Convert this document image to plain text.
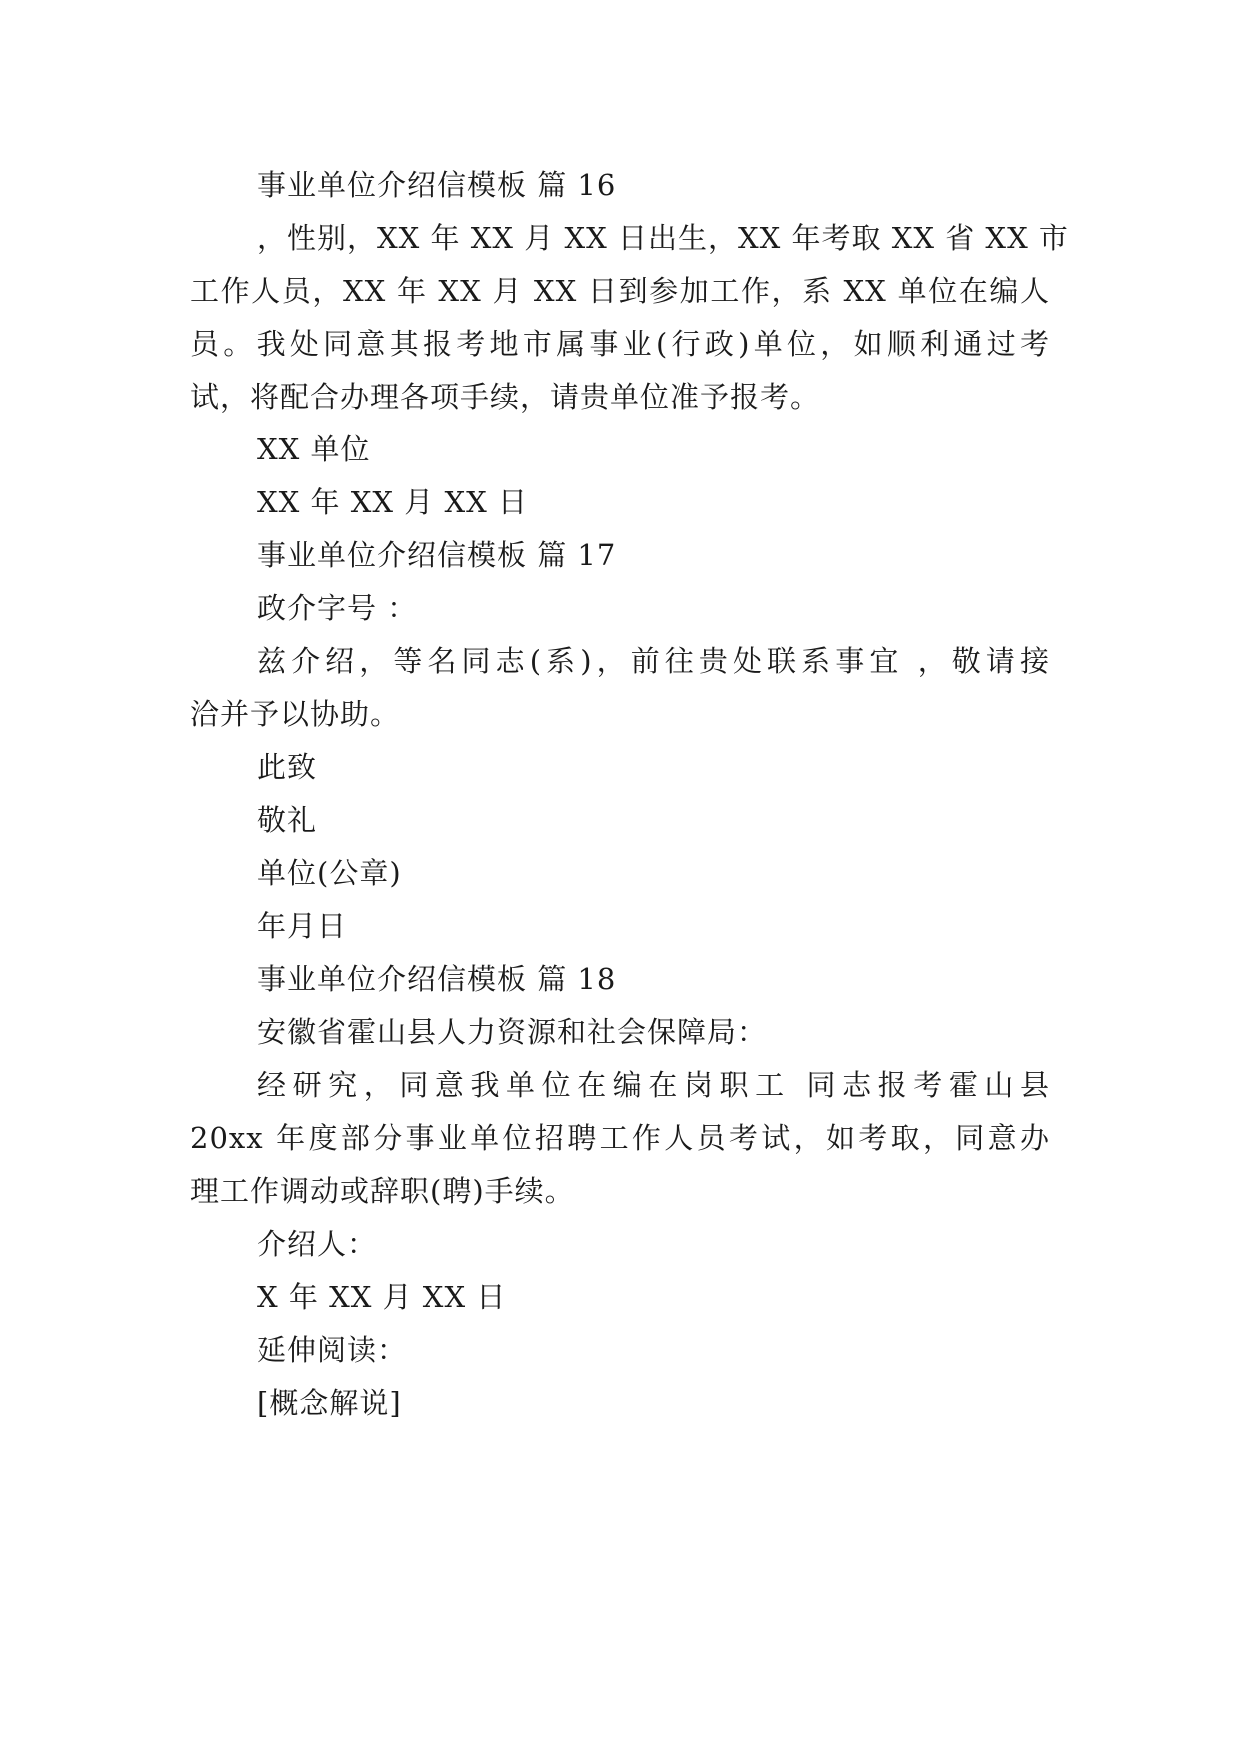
事业单位介绍信模板 篇 16
，性别，XX 年 XX 月 XX 日出生，XX 年考取 XX 省 XX 市
工作人员，XX 年 XX 月 XX 日到参加工作，系 XX 单位在编人
员。我处同意其报考地市属事业(行政)单位，如顺利通过考
试，将配合办理各项手续，请贵单位准予报考。
XX 单位
XX 年 XX 月 XX 日
事业单位介绍信模板 篇 17
政介字号 ：
兹介绍，等名同志(系)，前往贵处联系事宜 ，敬请接
洽并予以协助。
此致
敬礼
单位(公章)
年月日
事业单位介绍信模板 篇 18
安徽省霍山县人力资源和社会保障局：
经研究，同意我单位在编在岗职工 同志报考霍山县
20xx 年度部分事业单位招聘工作人员考试，如考取，同意办
理工作调动或辞职(聘)手续。
介绍人：
X 年 XX 月 XX 日
延伸阅读：
[概念解说]
